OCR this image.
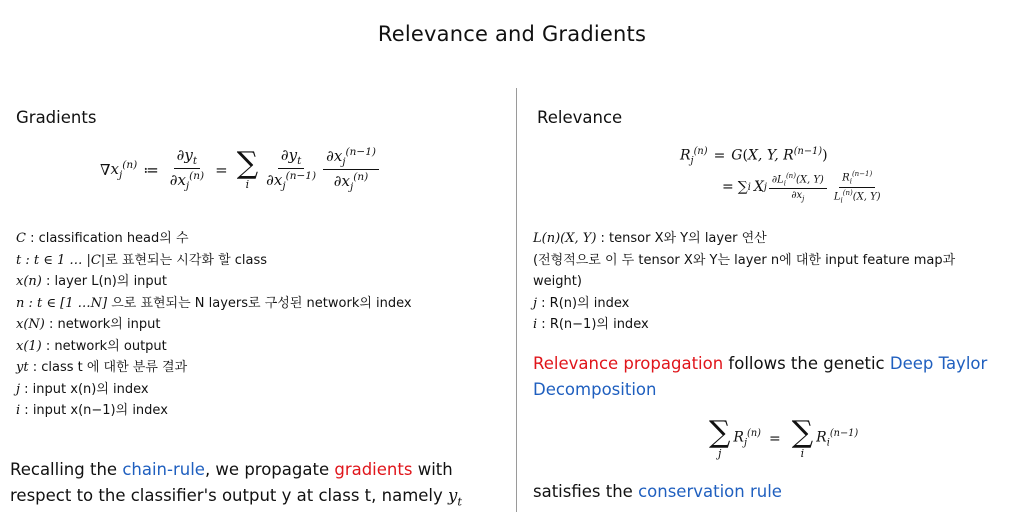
Relevance and Gradients
Gradients
∇ $x_j^{(n)}$ ≔ $\frac{\partial y_t}{\partial x_j^{(n)}}$ = ∑
i $\frac{\partial y_t}{\partial x_j^{(n-1)}} \frac{\partial x_j^{(n-1)}}{\partial x_j^{(n)}}$
C : classification head의 수
t : t ∈ 1 … |C|로 표현되는 시각화 할 class
x(n) : layer L(n)의 input
n : t ∈ [1 …N] 으로 표현되는 N layers로 구성된 network의 index
x(N) : network의 input
x(1) : network의 output
yt : class t 에 대한 분류 결과
j : input x(n)의 index
i : input x(n−1)의 index
Recalling the chain-rule, we propagate gradients with
respect to the classifier's output y at class t, namely $y_t$
Relevance
$R_j^{(n)} = G(X$, Y, $R^{(n-1)}$)
= ∑ i X j $\frac{\partial L_i^{(n)}(X, Y)}{\partial x_j} \frac{R_i^{(n-1)}}{L_i^{(n)}(X, Y)}$
L(n)(X, Y) : tensor X와 Y의 layer 연산
(전형적으로 이 두 tensor X와 Y는 layer n에 대한 input feature map과
weight)
j : R(n)의 index
i : R(n−1)의 index
Relevance propagation follows the genetic Deep Taylor
Decomposition
∑
j
$R_j^{(n)}$ = ∑
i
$R_i^{(n-1)}$
satisfies the conservation rule
